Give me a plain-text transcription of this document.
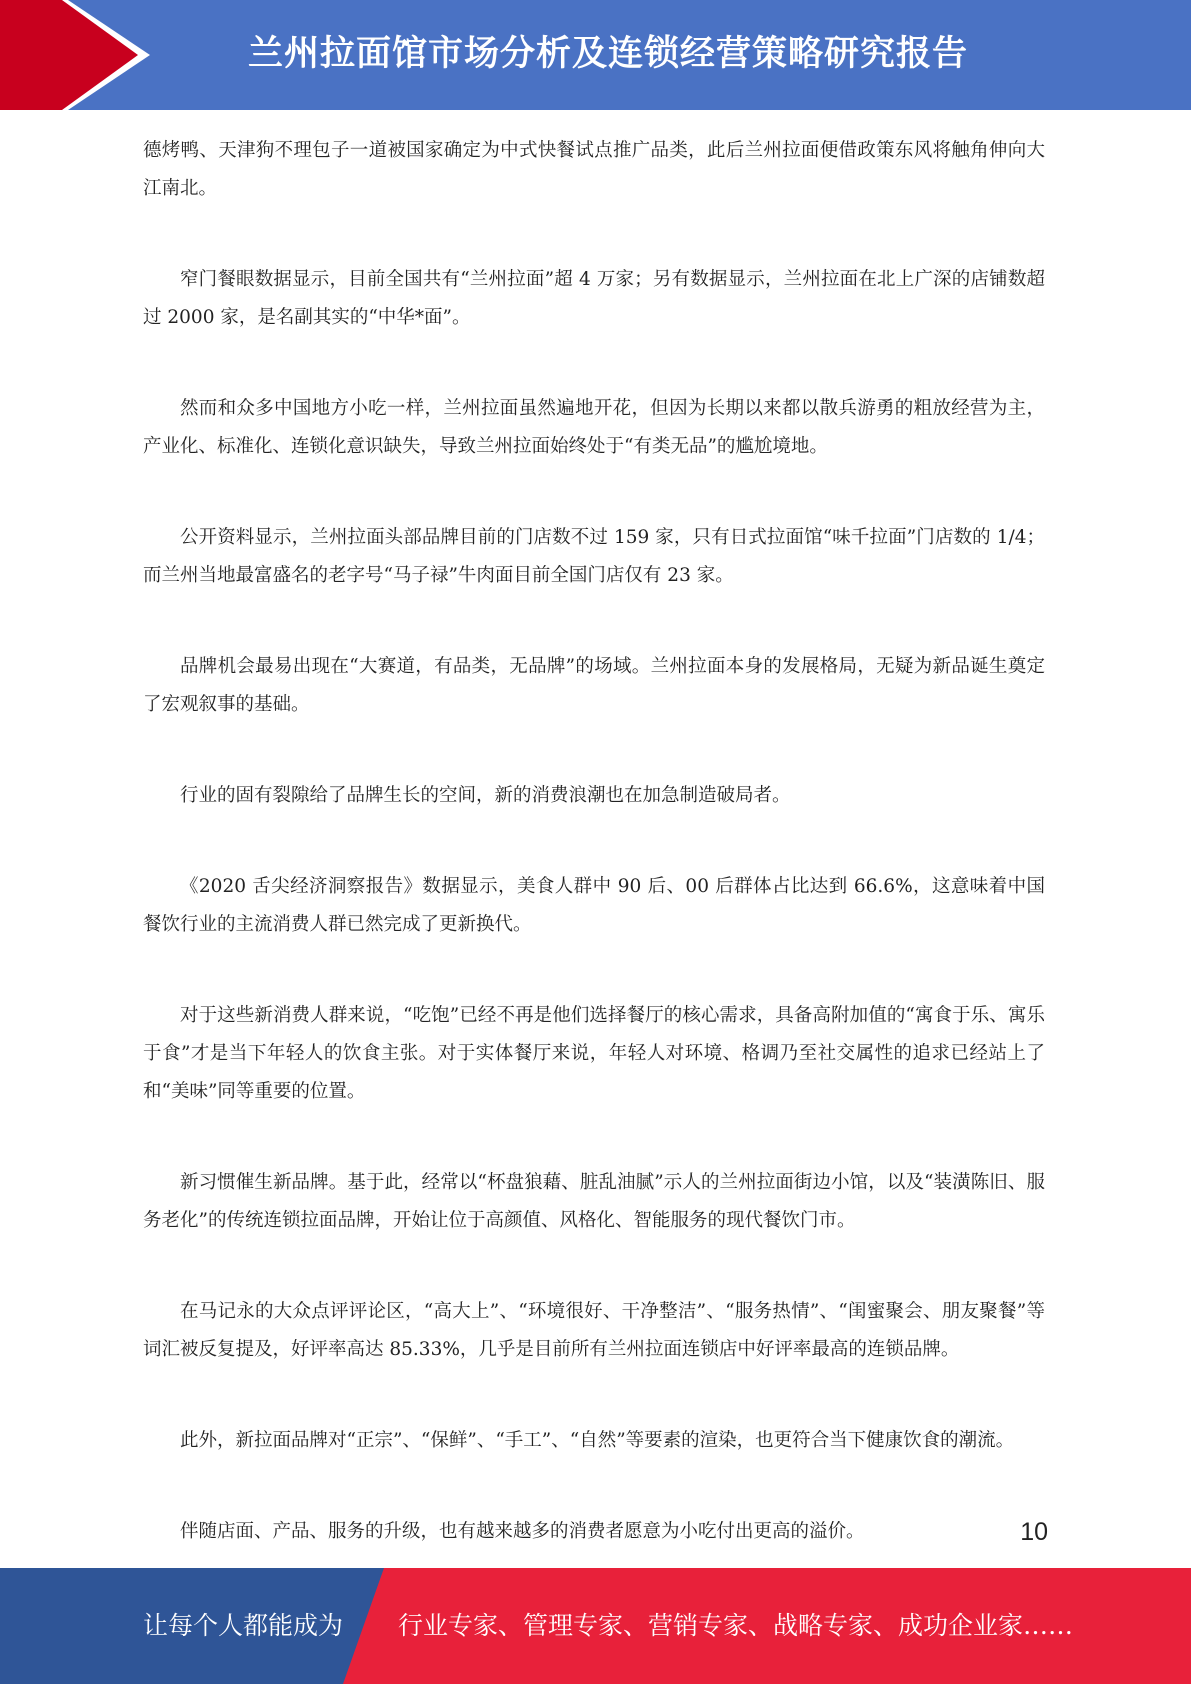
兰州拉面馆市场分析及连锁经营策略研究报告

德烤鸭、天津狗不理包子一道被国家确定为中式快餐试点推广品类，此后兰州拉面便借政策东风将触角伸向大江南北。

窄门餐眼数据显示，目前全国共有“兰州拉面”超 4 万家；另有数据显示，兰州拉面在北上广深的店铺数超过 2000 家，是名副其实的“中华*面”。

然而和众多中国地方小吃一样，兰州拉面虽然遍地开花，但因为长期以来都以散兵游勇的粗放经营为主，产业化、标准化、连锁化意识缺失，导致兰州拉面始终处于“有类无品”的尴尬境地。

公开资料显示，兰州拉面头部品牌目前的门店数不过 159 家，只有日式拉面馆“味千拉面”门店数的 1/4；而兰州当地最富盛名的老字号“马子禄”牛肉面目前全国门店仅有 23 家。

品牌机会最易出现在“大赛道，有品类，无品牌”的场域。兰州拉面本身的发展格局，无疑为新品诞生奠定了宏观叙事的基础。

行业的固有裂隙给了品牌生长的空间，新的消费浪潮也在加急制造破局者。

《2020 舌尖经济洞察报告》数据显示，美食人群中 90 后、00 后群体占比达到 66.6%，这意味着中国餐饮行业的主流消费人群已然完成了更新换代。

对于这些新消费人群来说，“吃饱”已经不再是他们选择餐厅的核心需求，具备高附加值的“寓食于乐、寓乐于食”才是当下年轻人的饮食主张。对于实体餐厅来说，年轻人对环境、格调乃至社交属性的追求已经站上了和“美味”同等重要的位置。

新习惯催生新品牌。基于此，经常以“杯盘狼藉、脏乱油腻”示人的兰州拉面街边小馆，以及“装潢陈旧、服务老化”的传统连锁拉面品牌，开始让位于高颜值、风格化、智能服务的现代餐饮门市。

在马记永的大众点评评论区，“高大上”、“环境很好、干净整洁”、“服务热情”、“闺蜜聚会、朋友聚餐”等词汇被反复提及，好评率高达 85.33%，几乎是目前所有兰州拉面连锁店中好评率最高的连锁品牌。

此外，新拉面品牌对“正宗”、“保鲜”、“手工”、“自然”等要素的渲染，也更符合当下健康饮食的潮流。

伴随店面、产品、服务的升级，也有越来越多的消费者愿意为小吃付出更高的溢价。	10
让每个人都能成为 行业专家、管理专家、营销专家、战略专家、成功企业家……
